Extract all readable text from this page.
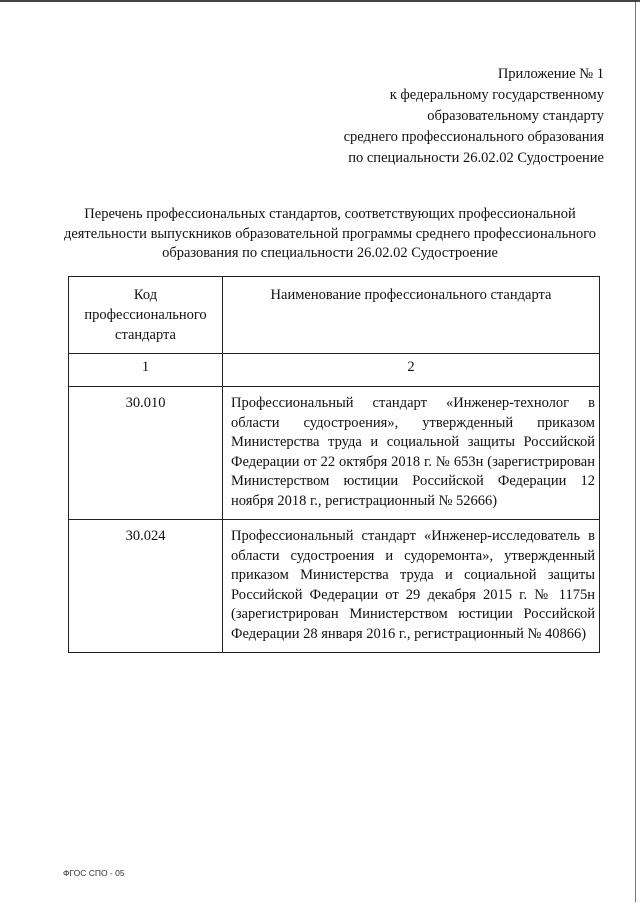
Приложение № 1
к федеральному государственному
образовательному стандарту
среднего профессионального образования
по специальности 26.02.02 Судостроение
Перечень профессиональных стандартов, соответствующих профессиональной деятельности выпускников образовательной программы среднего профессионального образования по специальности 26.02.02 Судостроение
Код профессионального стандарта	Наименование профессионального стандарта
1	2
30.010	Профессиональный стандарт «Инженер-технолог в области судостроения», утвержденный приказом Министерства труда и социальной защиты Российской Федерации от 22 октября 2018 г. № 653н (зарегистрирован Министерством юстиции Российской Федерации 12 ноября 2018 г., регистрационный № 52666)
30.024	Профессиональный стандарт «Инженер-исследователь в области судостроения и судоремонта», утвержденный приказом Министерства труда и социальной защиты Российской Федерации от 29 декабря 2015 г. № 1175н (зарегистрирован Министерством юстиции Российской Федерации 28 января 2016 г., регистрационный № 40866)
ФГОС СПО - 05
